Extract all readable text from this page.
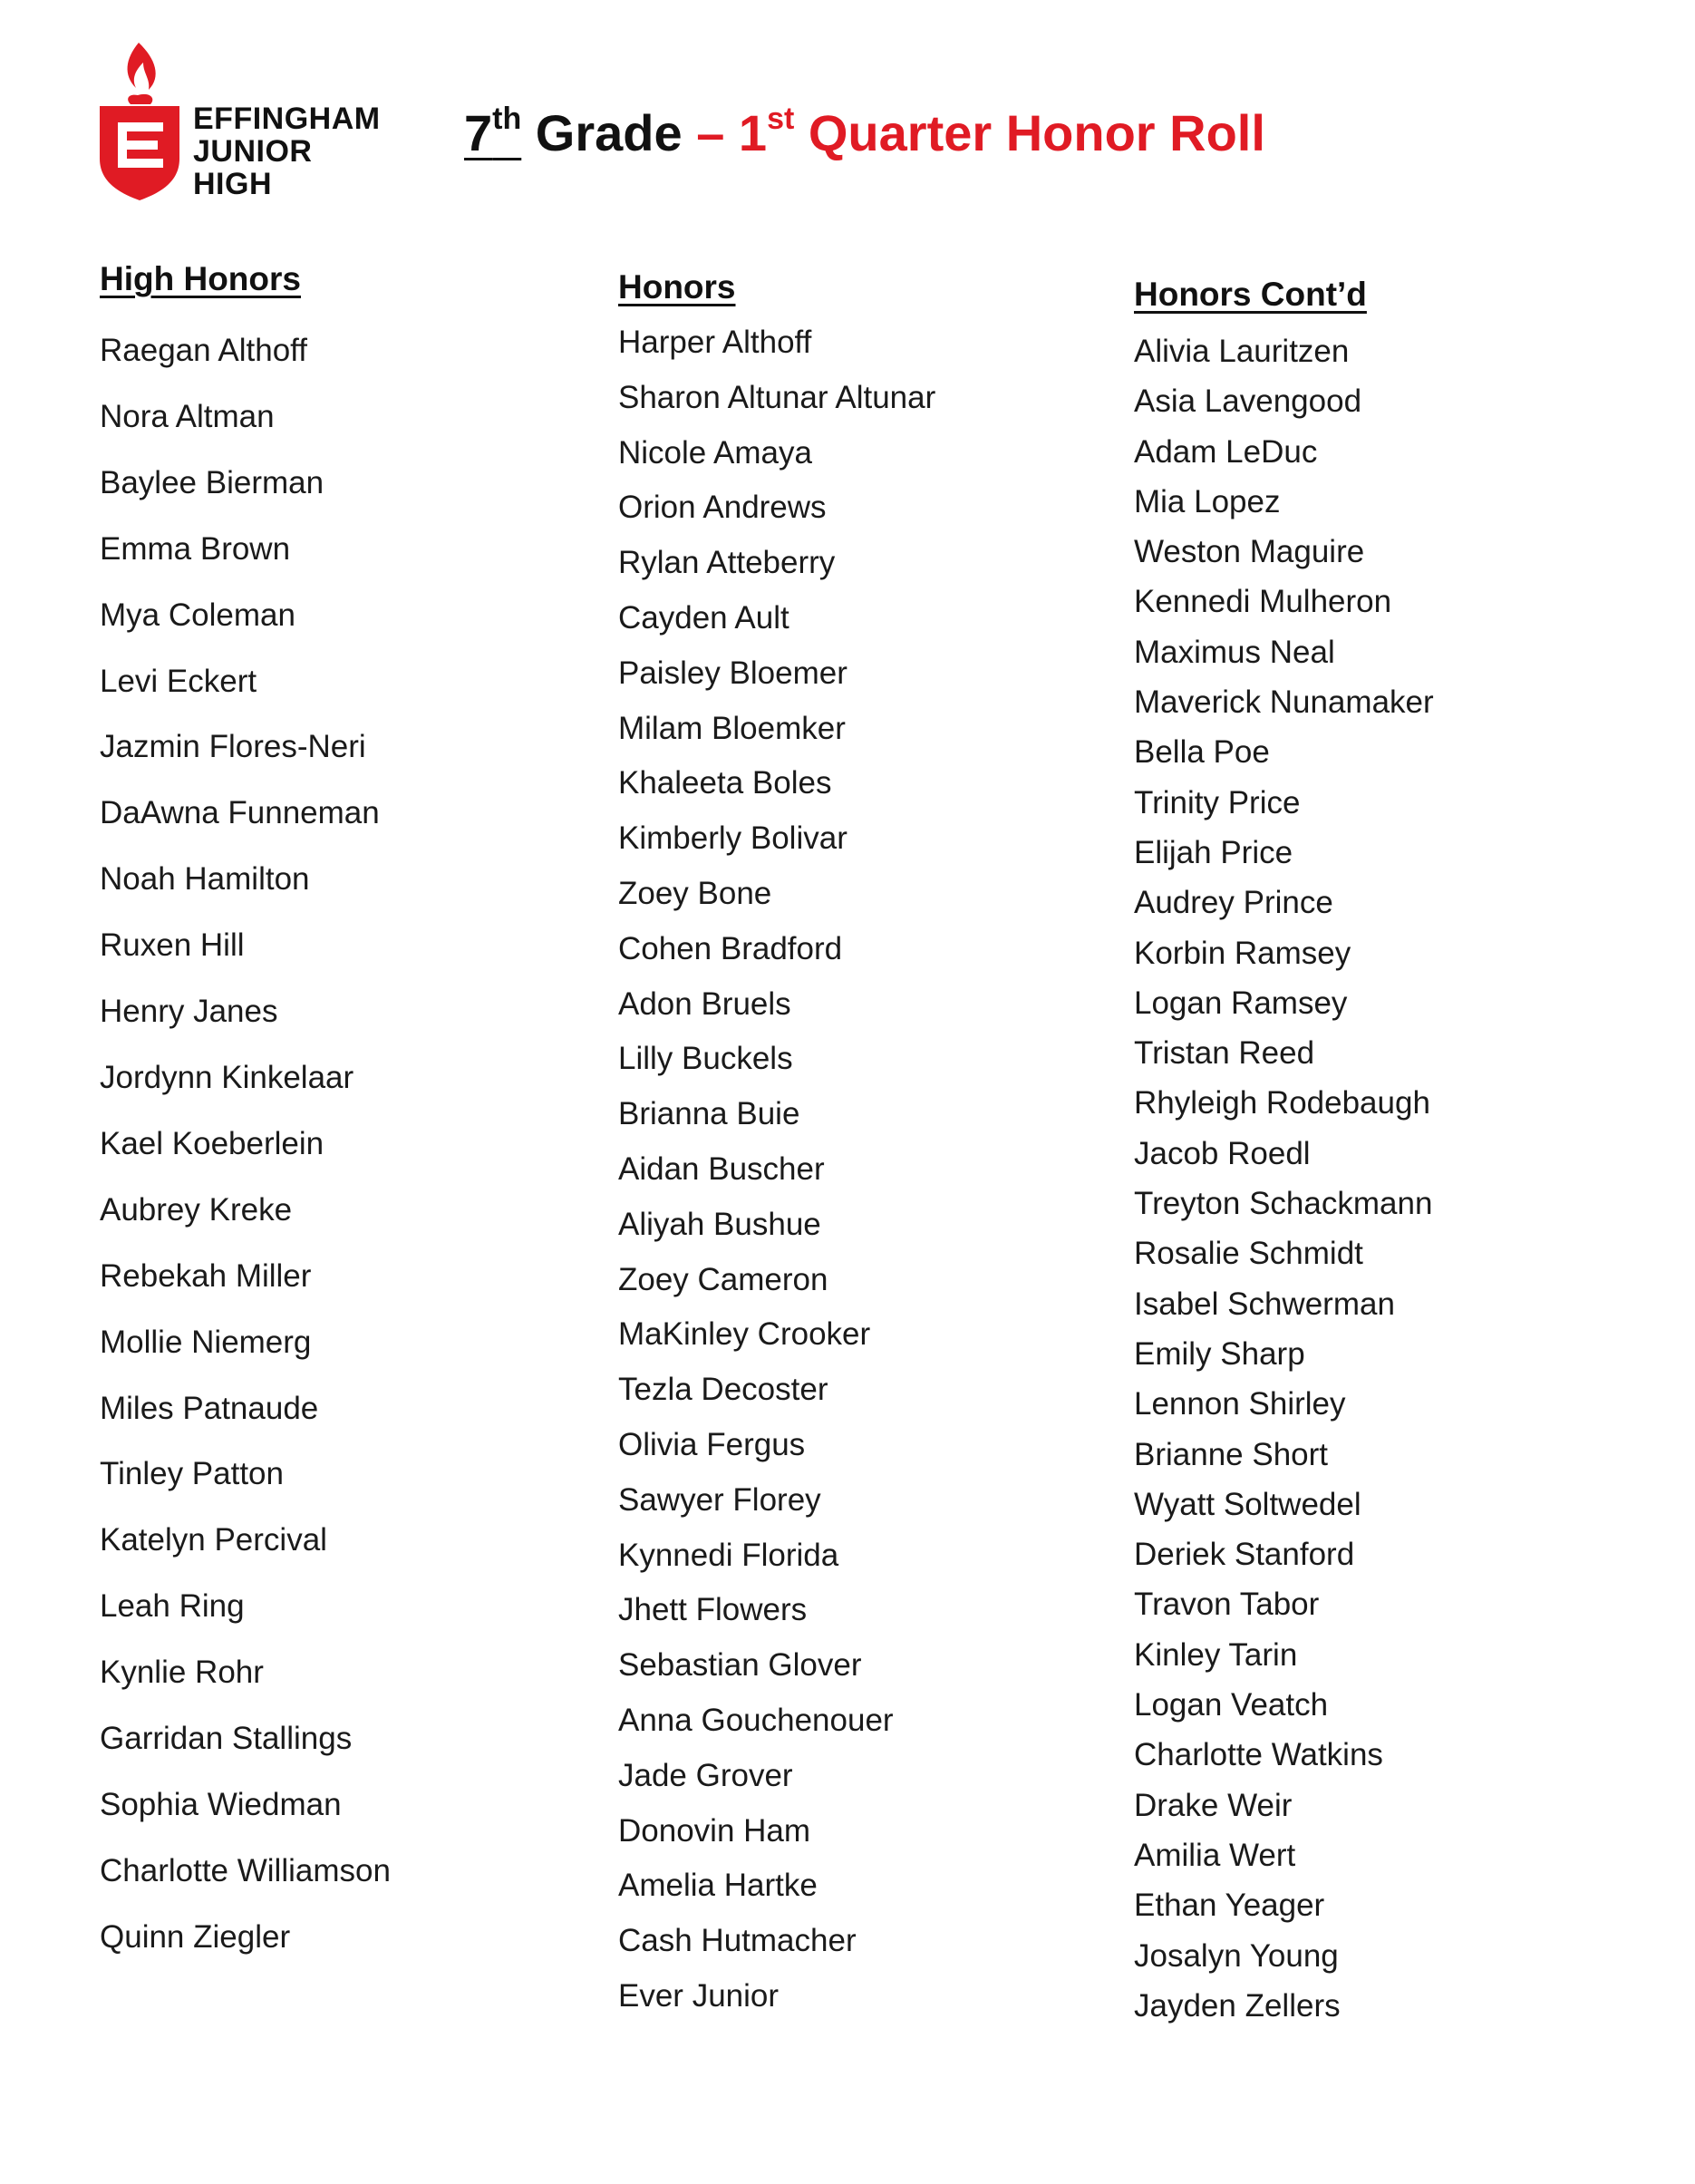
EFFINGHAM
JUNIOR
HIGH
7th Grade – 1st Quarter Honor Roll
High Honors
Raegan Althoff
Nora Altman
Baylee Bierman
Emma Brown
Mya Coleman
Levi Eckert
Jazmin Flores-Neri
DaAwna Funneman
Noah Hamilton
Ruxen Hill
Henry Janes
Jordynn Kinkelaar
Kael Koeberlein
Aubrey Kreke
Rebekah Miller
Mollie Niemerg
Miles Patnaude
Tinley Patton
Katelyn Percival
Leah Ring
Kynlie Rohr
Garridan Stallings
Sophia Wiedman
Charlotte Williamson
Quinn Ziegler
Honors
Harper Althoff
Sharon Altunar Altunar
Nicole Amaya
Orion Andrews
Rylan Atteberry
Cayden Ault
Paisley Bloemer
Milam Bloemker
Khaleeta Boles
Kimberly Bolivar
Zoey Bone
Cohen Bradford
Adon Bruels
Lilly Buckels
Brianna Buie
Aidan Buscher
Aliyah Bushue
Zoey Cameron
MaKinley Crooker
Tezla Decoster
Olivia Fergus
Sawyer Florey
Kynnedi Florida
Jhett Flowers
Sebastian Glover
Anna Gouchenouer
Jade Grover
Donovin Ham
Amelia Hartke
Cash Hutmacher
Ever Junior
Honors Cont’d
Alivia Lauritzen
Asia Lavengood
Adam LeDuc
Mia Lopez
Weston Maguire
Kennedi Mulheron
Maximus Neal
Maverick Nunamaker
Bella Poe
Trinity Price
Elijah Price
Audrey Prince
Korbin Ramsey
Logan Ramsey
Tristan Reed
Rhyleigh Rodebaugh
Jacob Roedl
Treyton Schackmann
Rosalie Schmidt
Isabel Schwerman
Emily Sharp
Lennon Shirley
Brianne Short
Wyatt Soltwedel
Deriek Stanford
Travon Tabor
Kinley Tarin
Logan Veatch
Charlotte Watkins
Drake Weir
Amilia Wert
Ethan Yeager
Josalyn Young
Jayden Zellers
